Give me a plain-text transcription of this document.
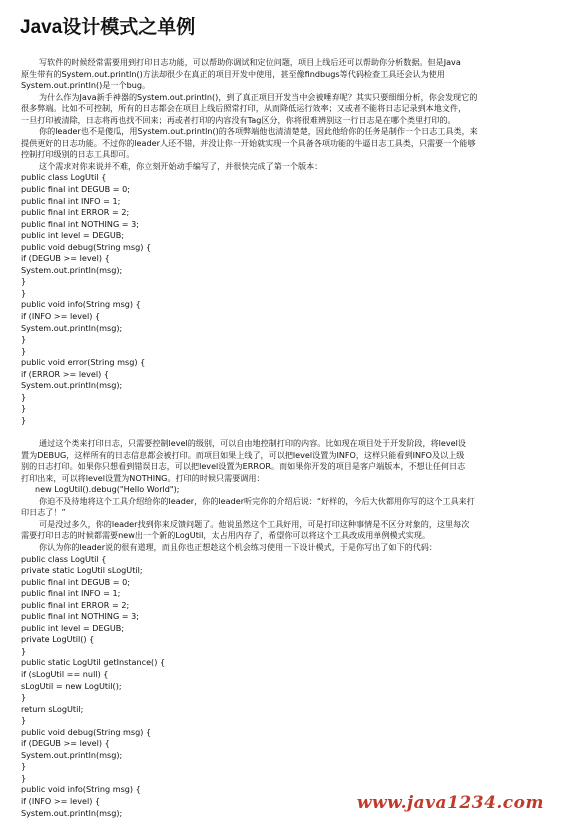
Java设计模式之单例
写软件的时候经常需要用到打印日志功能，可以帮助你调试和定位问题，项目上线后还可以帮助你分析数据。但是Java
原生带有的System.out.println()方法却很少在真正的项目开发中使用，甚至像findbugs等代码检查工具还会认为使用
System.out.println()是一个bug。
为什么作为Java新手神器的System.out.println()，到了真正项目开发当中会被唾弃呢？其实只要细细分析，你会发现它的
很多弊端。比如不可控制，所有的日志都会在项目上线后照常打印，从而降低运行效率；又或者不能将日志记录到本地文件，
一旦打印被清除，日志将再也找不回来；再或者打印的内容没有Tag区分，你将很难辨别这一行日志是在哪个类里打印的。
你的leader也不是傻瓜，用System.out.println()的各项弊端他也清清楚楚，因此他给你的任务是制作一个日志工具类，来
提供更好的日志功能。不过你的leader人还不错，并没让你一开始就实现一个具备各项功能的牛逼日志工具类，只需要一个能够
控制打印级别的日志工具即可。
这个需求对你来说并不难，你立刻开始动手编写了，并很快完成了第一个版本：
public class LogUtil {
public final int DEGUB = 0;
public final int INFO = 1;
public final int ERROR = 2;
public final int NOTHING = 3;
public int level = DEGUB;
public void debug(String msg) {
if (DEGUB >= level) {
System.out.println(msg);
}
}
public void info(String msg) {
if (INFO >= level) {
System.out.println(msg);
}
}
public void error(String msg) {
if (ERROR >= level) {
System.out.println(msg);
}
}
}
通过这个类来打印日志，只需要控制level的级别，可以自由地控制打印的内容。比如现在项目处于开发阶段，将level设
置为DEBUG，这样所有的日志信息都会被打印。而项目如果上线了，可以把level设置为INFO，这样只能看到INFO及以上级
别的日志打印。如果你只想看到错误日志，可以把level设置为ERROR。而如果你开发的项目是客户端版本，不想让任何日志
打印出来，可以将level设置为NOTHING。打印的时候只需要调用：
new LogUtil().debug("Hello World");
你迫不及待地将这个工具介绍给你的leader，你的leader听完你的介绍后说：“好样的，今后大伙都用你写的这个工具来打
印日志了！”
可是没过多久，你的leader找到你来反馈问题了。他说虽然这个工具好用，可是打印这种事情是不区分对象的，这里每次
需要打印日志的时候都需要new出一个新的LogUtil，太占用内存了，希望你可以将这个工具改成用单例模式实现。
你认为你的leader说的很有道理，而且你也正想趁这个机会练习使用一下设计模式，于是你写出了如下的代码：
public class LogUtil {
private static LogUtil sLogUtil;
public final int DEGUB = 0;
public final int INFO = 1;
public final int ERROR = 2;
public final int NOTHING = 3;
public int level = DEGUB;
private LogUtil() {
}
public static LogUtil getInstance() {
if (sLogUtil == null) {
sLogUtil = new LogUtil();
}
return sLogUtil;
}
public void debug(String msg) {
if (DEGUB >= level) {
System.out.println(msg);
}
}
public void info(String msg) {
if (INFO >= level) {
System.out.println(msg);	www.java1234.com
